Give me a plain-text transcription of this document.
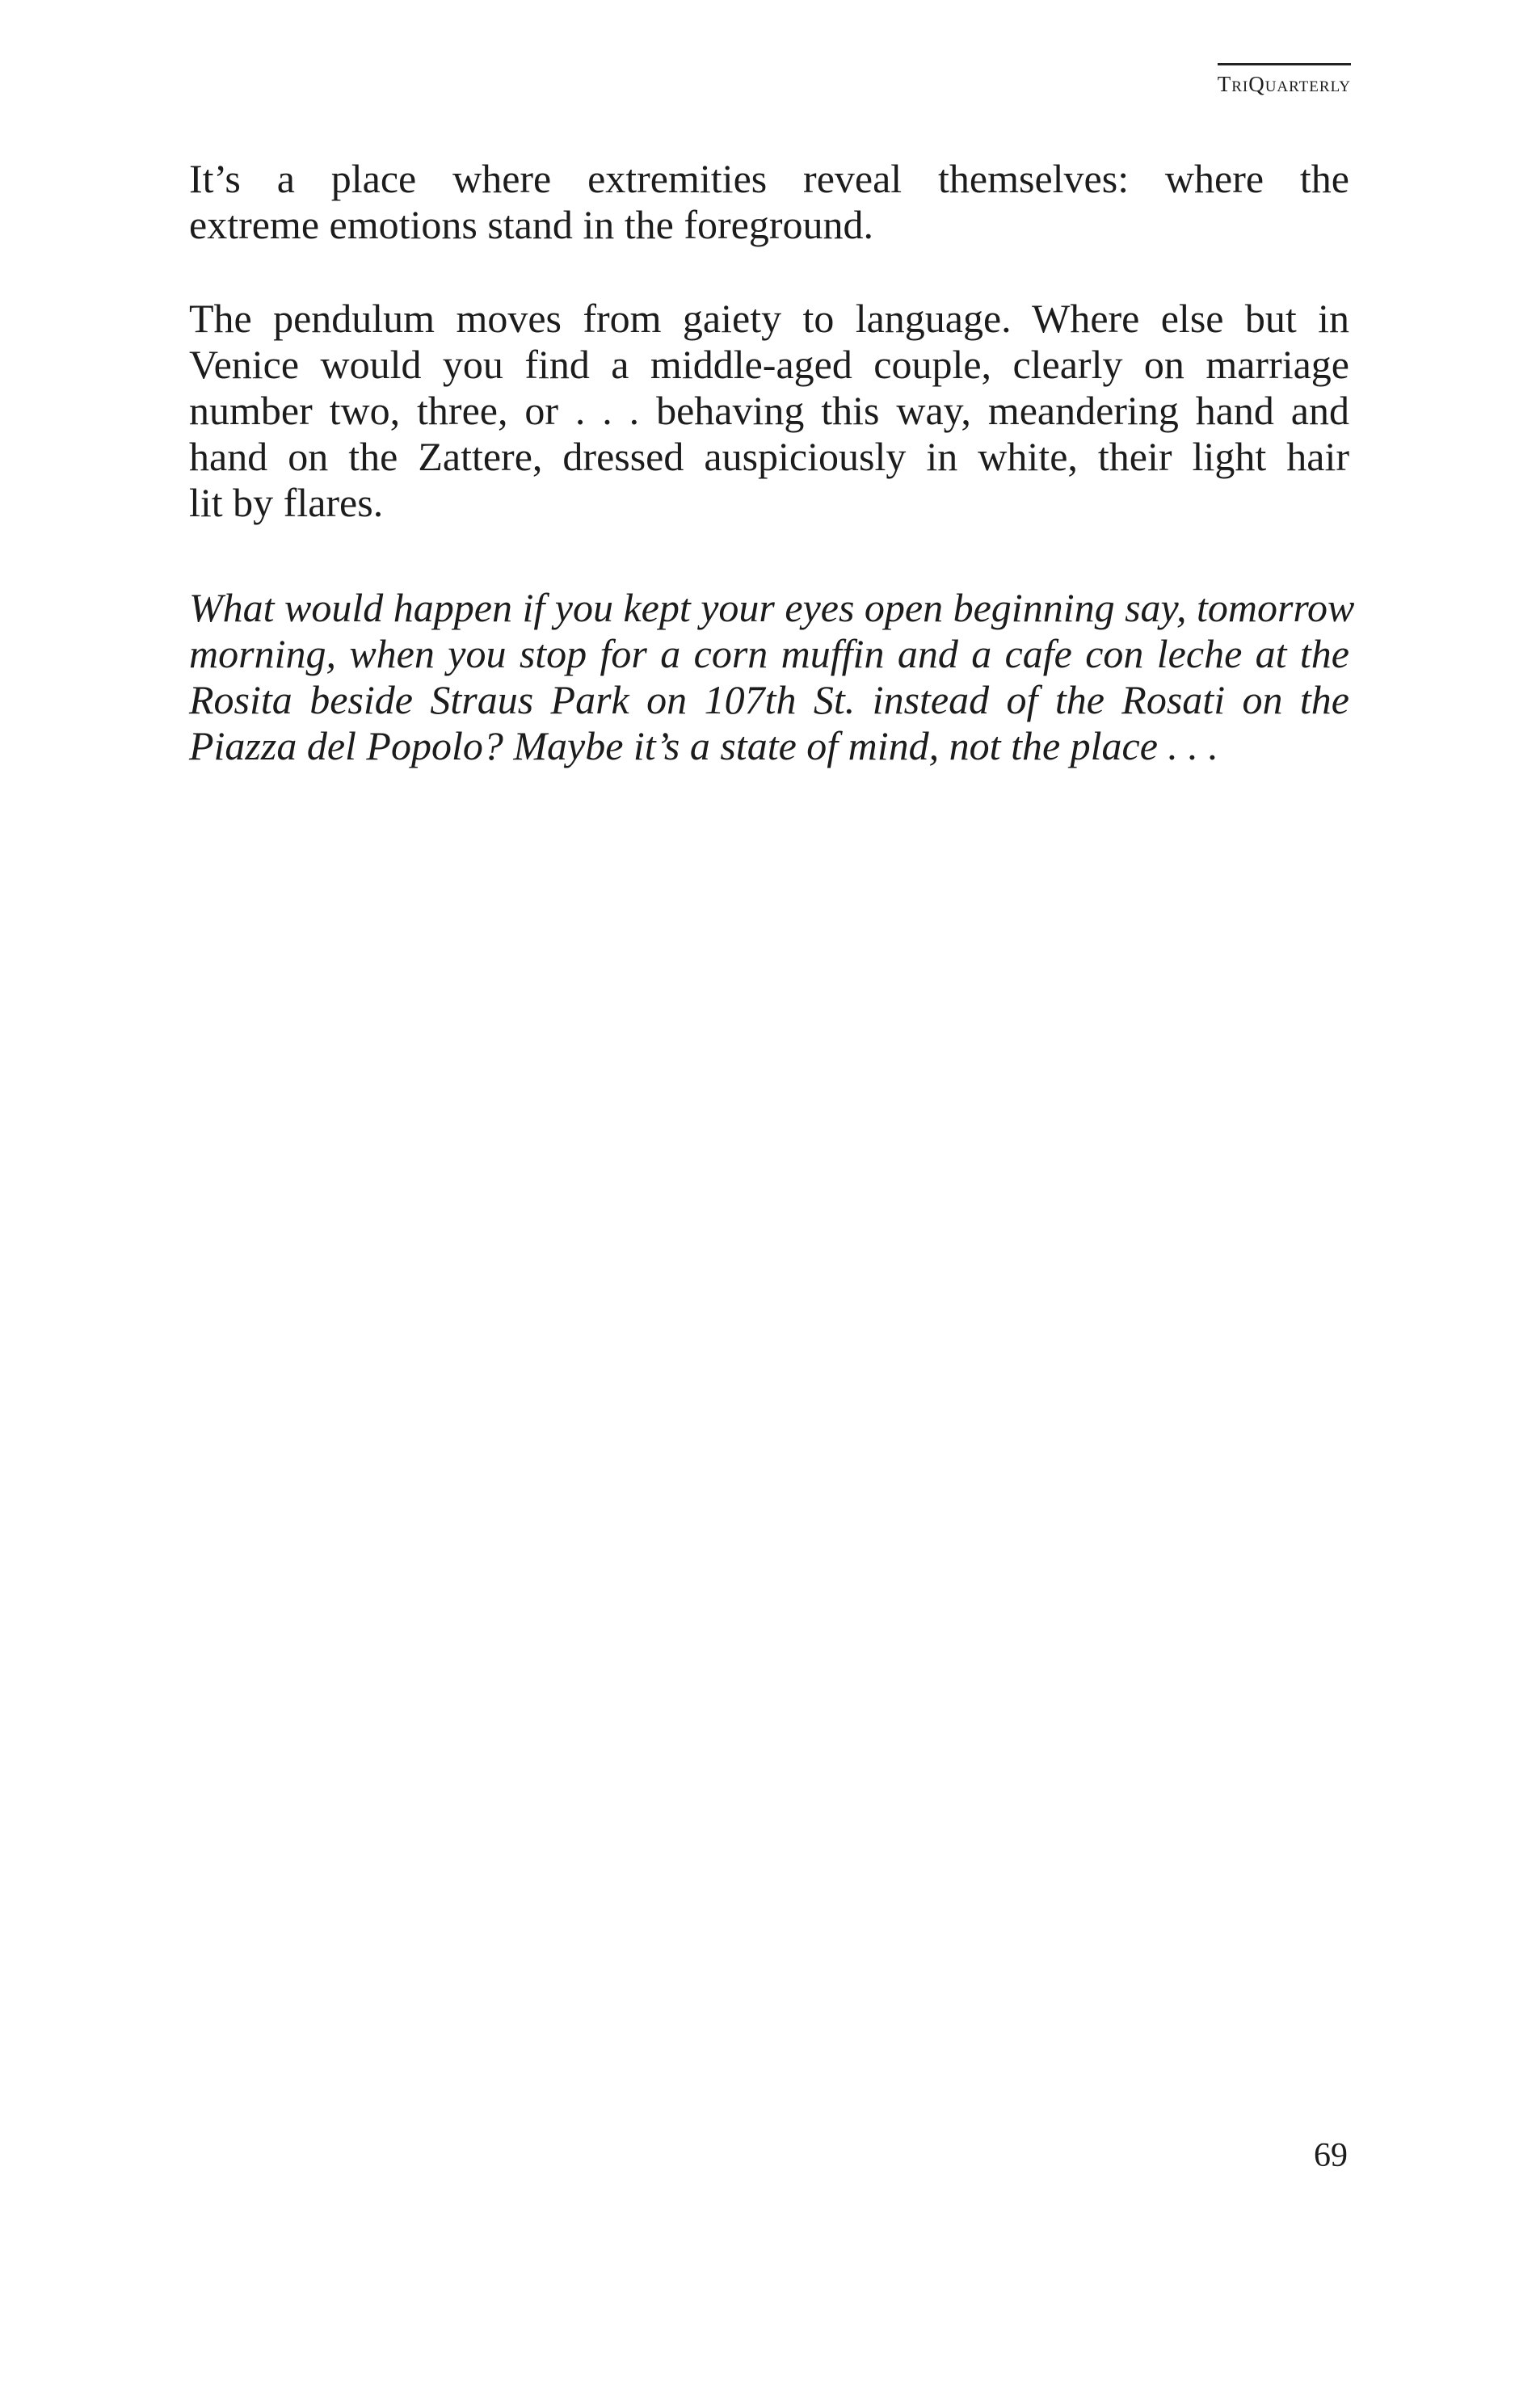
TriQuarterly
It’s a place where extremities reveal themselves: where the
extreme emotions stand in the foreground.
The pendulum moves from gaiety to language. Where else but in
Venice would you find a middle-aged couple, clearly on marriage
number two, three, or . . . behaving this way, meandering hand and
hand on the Zattere, dressed auspiciously in white, their light hair
lit by flares.
What would happen if you kept your eyes open beginning say, tomorrow
morning, when you stop for a corn muffin and a cafe con leche at the
Rosita beside Straus Park on 107th St. instead of the Rosati on the
Piazza del Popolo? Maybe it’s a state of mind, not the place . . .
69
